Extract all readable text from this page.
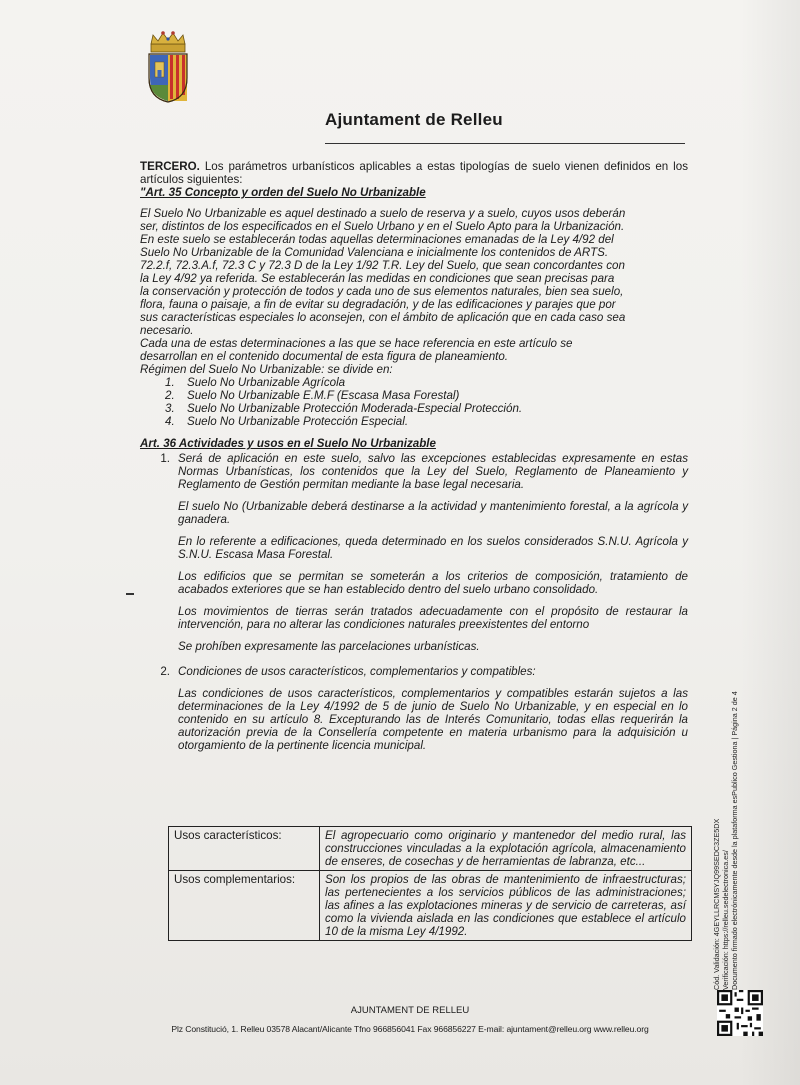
Ajuntament de Relleu

TERCERO. Los parámetros urbanísticos aplicables a estas tipologías de suelo vienen definidos en los artículos siguientes:

"Art. 35 Concepto y orden del Suelo No Urbanizable

El Suelo No Urbanizable es aquel destinado a suelo de reserva y a suelo, cuyos usos deberán
ser, distintos de los especificados en el Suelo Urbano y en el Suelo Apto para la Urbanización.
En este suelo se establecerán todas aquellas determinaciones emanadas de la Ley 4/92 del
Suelo No Urbanizable de la Comunidad Valenciana e inicialmente los contenidos de ARTS.
72.2.f, 72.3.A.f, 72.3 C y 72.3 D de la Ley 1/92 T.R. Ley del Suelo, que sean concordantes con
la Ley 4/92 ya referida. Se establecerán las medidas en condiciones que sean precisas para
la conservación y protección de todos y cada uno de sus elementos naturales, bien sea suelo,
flora, fauna o paisaje, a fin de evitar su degradación, y de las edificaciones y parajes que por
sus características especiales lo aconsejen, con el ámbito de aplicación que en cada caso sea
necesario.
Cada una de estas determinaciones a las que se hace referencia en este artículo se
desarrollan en el contenido documental de esta figura de planeamiento.
Régimen del Suelo No Urbanizable: se divide en:
1.	Suelo No Urbanizable Agrícola
2.	Suelo No Urbanizable E.M.F (Escasa Masa Forestal)
3.	Suelo No Urbanizable Protección Moderada-Especial Protección.
4.	Suelo No Urbanizable Protección Especial.

Art. 36 Actividades y usos en el Suelo No Urbanizable

1. Será de aplicación en este suelo, salvo las excepciones establecidas expresamente en estas Normas Urbanísticas, los contenidos que la Ley del Suelo, Reglamento de Planeamiento y Reglamento de Gestión permitan mediante la base legal necesaria.

El suelo No (Urbanizable deberá destinarse a la actividad y mantenimiento forestal, a la agrícola y ganadera.

En lo referente a edificaciones, queda determinado en los suelos considerados S.N.U. Agrícola y S.N.U. Escasa Masa Forestal.

Los edificios que se permitan se someterán a los criterios de composición, tratamiento de acabados exteriores que se han establecido dentro del suelo urbano consolidado.

Los movimientos de tierras serán tratados adecuadamente con el propósito de restaurar la intervención, para no alterar las condiciones naturales preexistentes del entorno

Se prohíben expresamente las parcelaciones urbanísticas.

2. Condiciones de usos característicos, complementarios y compatibles:

Las condiciones de usos característicos, complementarios y compatibles estarán sujetos a las determinaciones de la Ley 4/1992 de 5 de junio de Suelo No Urbanizable, y en especial en lo contenido en su artículo 8. Excepturando las de Interés Comunitario, todas ellas requerirán la autorización previa de la Consellería competente en materia urbanismo para la adquisición u otorgamiento de la pertinente licencia municipal.

Usos característicos:	El agropecuario como originario y mantenedor del medio rural, las construcciones vinculadas a la explotación agrícola, almacenamiento de enseres, de cosechas y de herramientas de labranza, etc...
Usos complementarios:	Son los propios de las obras de mantenimiento de infraestructuras; las pertenecientes a los servicios públicos de las administraciones; las afines a las explotaciones mineras y de servicio de carreteras, así como la vivienda aislada en las condiciones que establece el artículo 10 de la misma Ley 4/1992.
AJUNTAMENT DE RELLEU
Plz Constitució, 1. Relleu 03578 Alacant/Alicante Tfno 966856041 Fax 966856227 E-mail: ajuntament@relleu.org www.relleu.org
Cód. Validación: 4GEYLLRCMSYJQ99SEDC3ZE5DX Verificación: https://relleu.sedelectronica.es/ Documento firmado electrónicamente desde la plataforma esPublico Gestiona | Página 2 de 4
